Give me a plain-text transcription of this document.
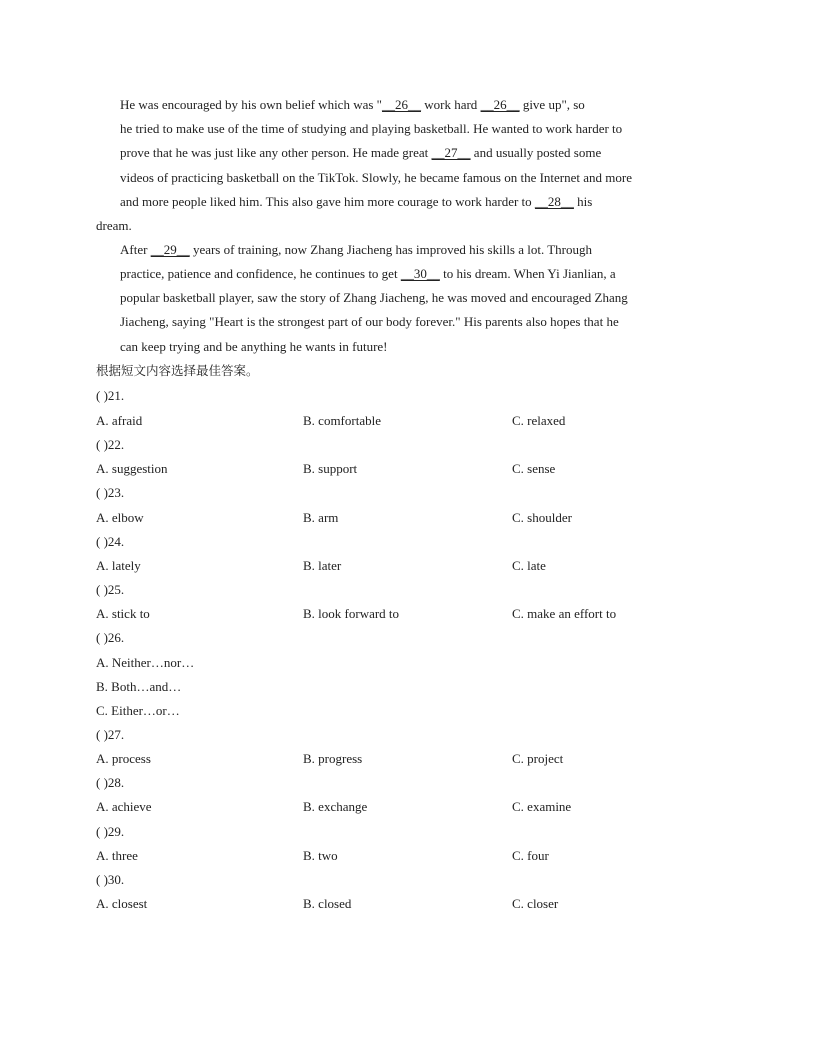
He was encouraged by his own belief which was "__26__ work hard __26__ give up", so
he tried to make use of the time of studying and playing basketball. He wanted to work harder to
prove that he was just like any other person. He made great __27__ and usually posted some
videos of practicing basketball on the TikTok. Slowly, he became famous on the Internet and more
and more people liked him. This also gave him more courage to work harder to __28__ his
dream.
After __29__ years of training, now Zhang Jiacheng has improved his skills a lot. Through
practice, patience and confidence, he continues to get __30__ to his dream. When Yi Jianlian, a
popular basketball player, saw the story of Zhang Jiacheng, he was moved and encouraged Zhang
Jiacheng, saying "Heart is the strongest part of our body forever." His parents also hopes that he
can keep trying and be anything he wants in future!
根据短文内容选择最佳答案。
( )21.
A. afraid	B. comfortable	C. relaxed
( )22.
A. suggestion	B. support	C. sense
( )23.
A. elbow	B. arm	C. shoulder
( )24.
A. lately	B. later	C. late
( )25.
A. stick to	B. look forward to	C. make an effort to
( )26.
A. Neither…nor…
B. Both…and…
C. Either…or…
( )27.
A. process	B. progress	C. project
( )28.
A. achieve	B. exchange	C. examine
( )29.
A. three	B. two	C. four
( )30.
A. closest	B. closed	C. closer
